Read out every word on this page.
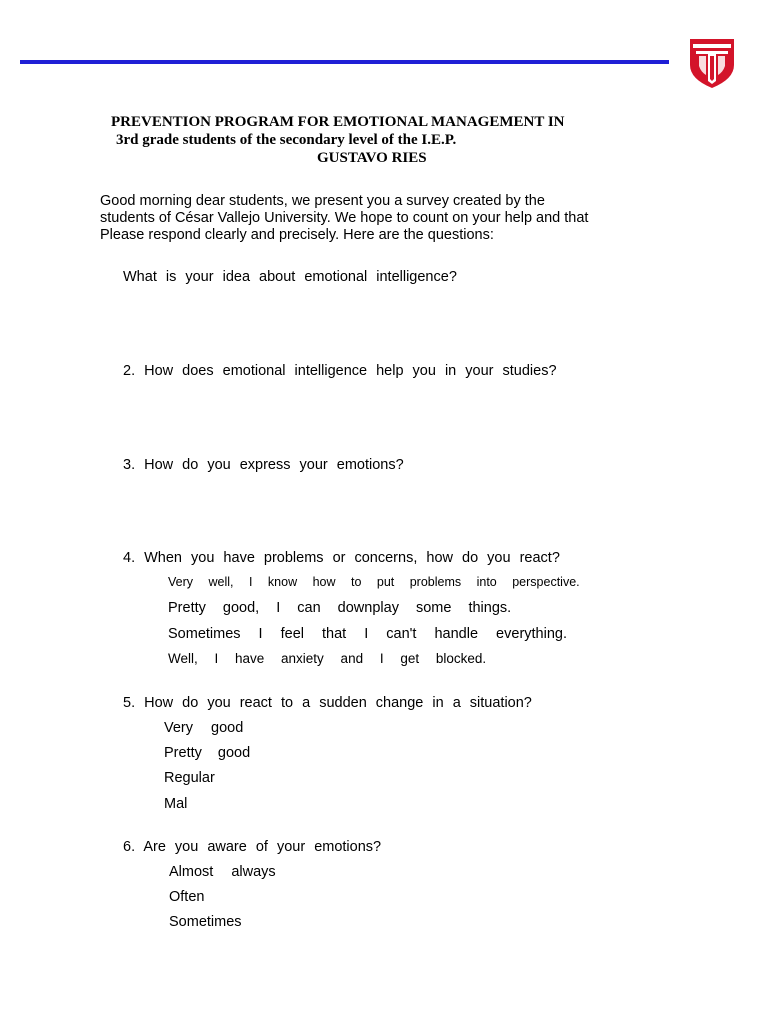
PREVENTION PROGRAM FOR EMOTIONAL MANAGEMENT IN
3rd grade students of the secondary level of the I.E.P.
GUSTAVO RIES
Good morning dear students, we present you a survey created by the
students of César Vallejo University. We hope to count on your help and that
Please respond clearly and precisely. Here are the questions:
What is your idea about emotional intelligence?
2. How does emotional intelligence help you in your studies?
3. How do you express your emotions?
4. When you have problems or concerns, how do you react?
Very well, I know how to put problems into perspective.
Pretty good, I can downplay some things.
Sometimes I feel that I can't handle everything.
Well, I have anxiety and I get blocked.
5. How do you react to a sudden change in a situation?
Very good
Pretty good
Regular
Mal
6. Are you aware of your emotions?
Almost always
Often
Sometimes
